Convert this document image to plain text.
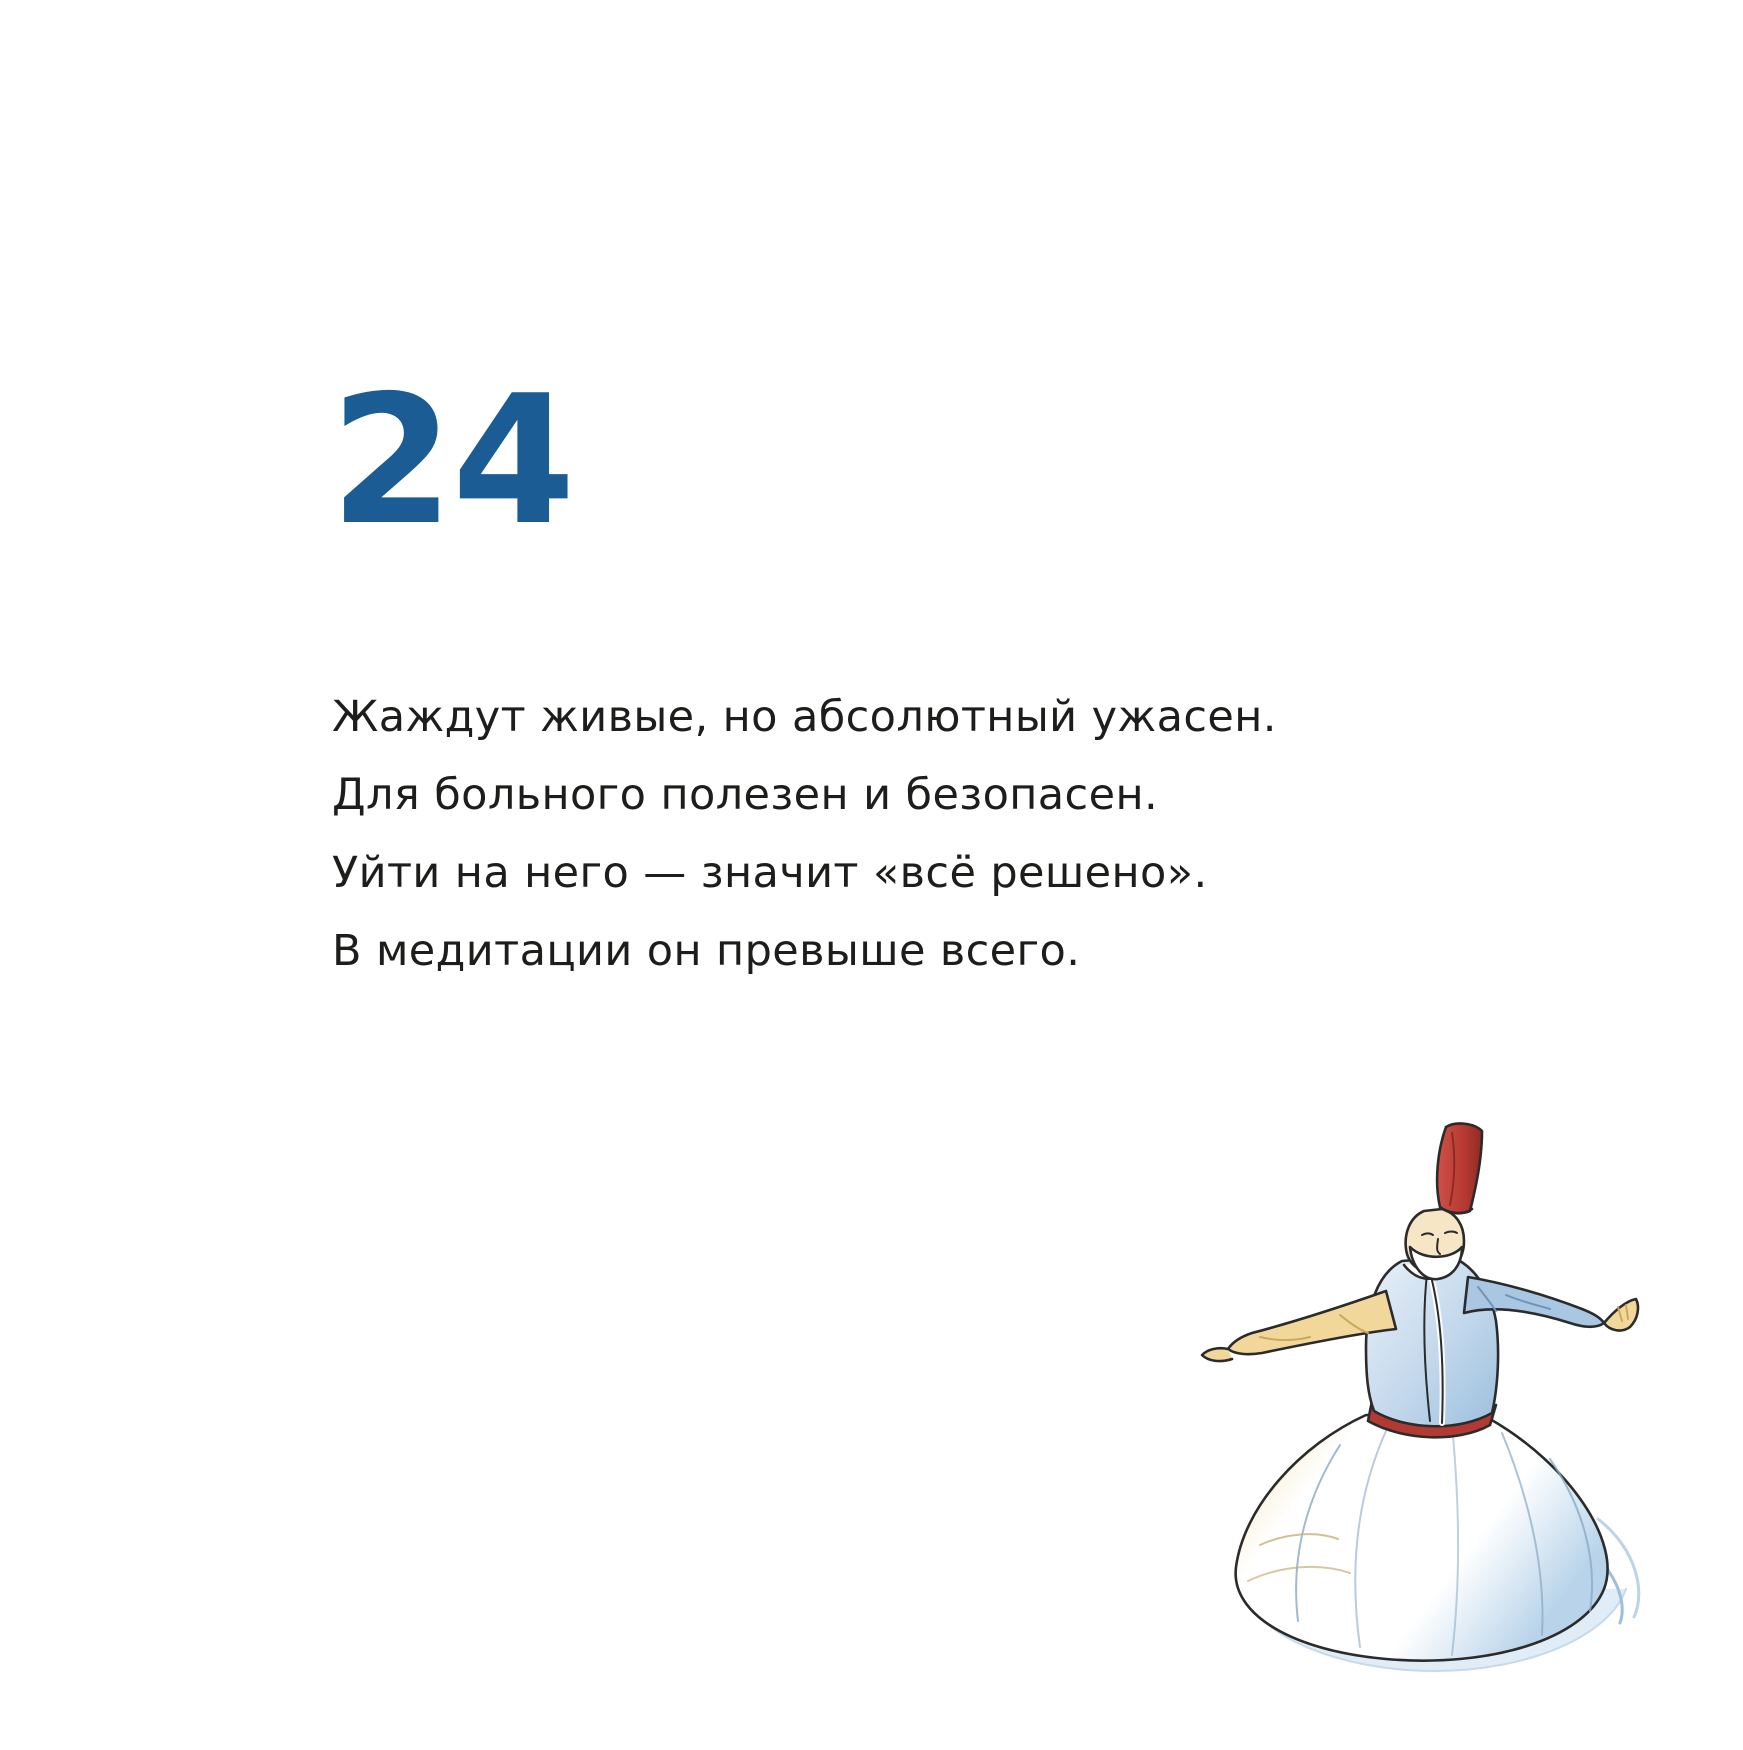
24
Жаждут живые, но абсолютный ужасен.
Для больного полезен и безопасен.
Уйти на него — значит «всё решено».
В медитации он превыше всего.
